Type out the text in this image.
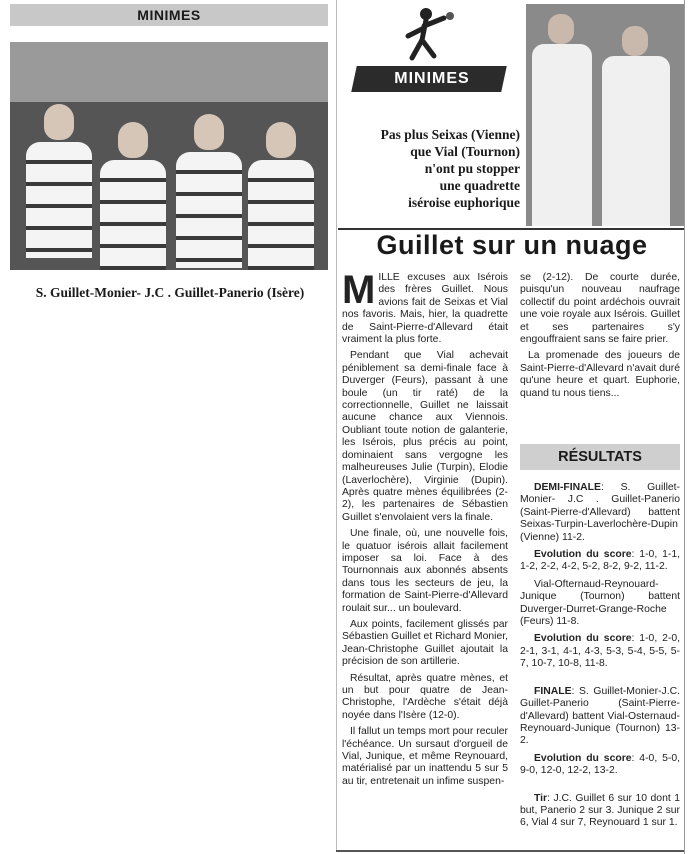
MINIMES
S. Guillet-Monier- J.C . Guillet-Panerio (Isère)
MINIMES
Pas plus Seixas (Vienne)
que Vial (Tournon)
n'ont pu stopper
une quadrette
iséroise euphorique
Guillet sur un nuage

MILLE excuses aux Isérois des frères Guillet. Nous avions fait de Seixas et Vial nos favoris. Mais, hier, la quadrette de Saint-Pierre-d'Allevard était vraiment la plus forte.

Pendant que Vial achevait péniblement sa demi-finale face à Duverger (Feurs), passant à une boule (un tir raté) de la correctionnelle, Guillet ne laissait aucune chance aux Viennois. Oubliant toute notion de galanterie, les Isérois, plus précis au point, dominaient sans vergogne les malheureuses Julie (Turpin), Elodie (Laverlochère), Virginie (Dupin). Après quatre mènes équilibrées (2-2), les partenaires de Sébastien Guillet s'envolaient vers la finale.

Une finale, où, une nouvelle fois, le quatuor isérois allait facilement imposer sa loi. Face à des Tournonnais aux abonnés absents dans tous les secteurs de jeu, la formation de Saint-Pierre-d'Allevard roulait sur... un boulevard.

Aux points, facilement glissés par Sébastien Guillet et Richard Monier, Jean-Christophe Guillet ajoutait la précision de son artillerie.

Résultat, après quatre mènes, et un but pour quatre de Jean-Christophe, l'Ardèche s'était déjà noyée dans l'Isère (12-0).

Il fallut un temps mort pour reculer l'échéance. Un sursaut d'orgueil de Vial, Junique, et même Reynouard, matérialisé par un inattendu 5 sur 5 au tir, entretenait un infime suspen-

se (2-12). De courte durée, puisqu'un nouveau naufrage collectif du point ardéchois ouvrait une voie royale aux Isérois. Guillet et ses partenaires s'y engouffraient sans se faire prier.

La promenade des joueurs de Saint-Pierre-d'Allevard n'avait duré qu'une heure et quart. Euphorie, quand tu nous tiens...

RÉSULTATS

DEMI-FINALE: S. Guillet-Monier- J.C . Guillet-Panerio (Saint-Pierre-d'Allevard) battent Seixas-Turpin-Laverlochère-Dupin (Vienne) 11-2.

Evolution du score: 1-0, 1-1, 1-2, 2-2, 4-2, 5-2, 8-2, 9-2, 11-2.

Vial-Ofternaud-Reynouard-Junique (Tournon) battent Duverger-Durret-Grange-Roche (Feurs) 11-8.

Evolution du score: 1-0, 2-0, 2-1, 3-1, 4-1, 4-3, 5-3, 5-4, 5-5, 5-7, 10-7, 10-8, 11-8.

FINALE: S. Guillet-Monier-J.C. Guillet-Panerio (Saint-Pierre-d'Allevard) battent Vial-Osternaud-Reynouard-Junique (Tournon) 13-2.

Evolution du score: 4-0, 5-0, 9-0, 12-0, 12-2, 13-2.

Tir: J.C. Guillet 6 sur 10 dont 1 but, Panerio 2 sur 3. Junique 2 sur 6, Vial 4 sur 7, Reynouard 1 sur 1.
